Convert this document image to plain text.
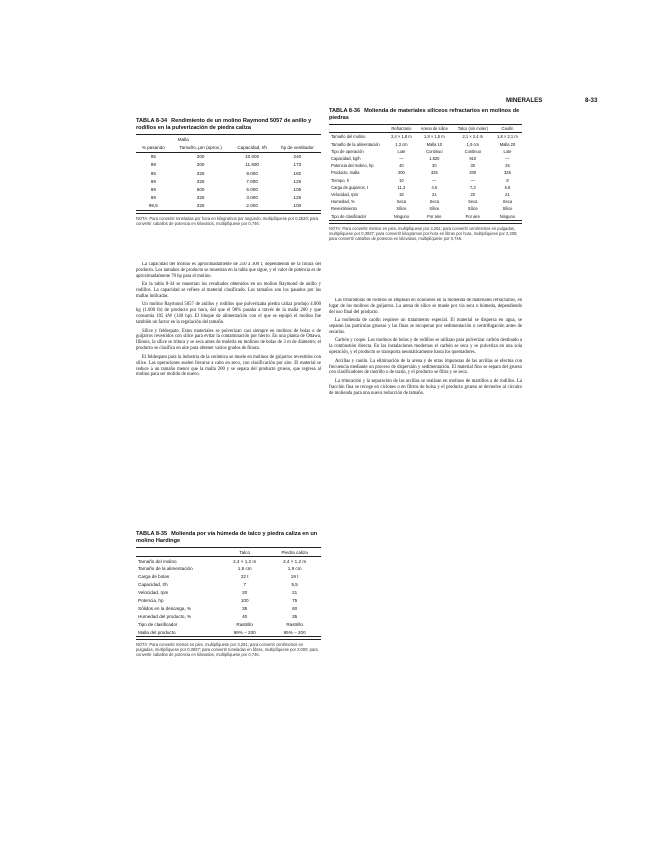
MINERALES	8-33
TABLA 8-34 Rendimiento de un molino Raymond 5057 de anillo y rodillos en la pulverización de piedra caliza
Malla			
% pasando	Tamaño, µm (aprox.)	Capacidad, t/h	hp de ventilador
95	200	10.000	240
99	200	11.500	173
95	325	9.000	182
99	325	7.000	125
99	500	5.000	105
99	325	3.000	125
99,5	325	2.000	100
NOTA: Para convertir toneladas por hora en kilogramos por segundo, multiplíquese por 0,2520; para convertir caballos de potencia en kilovatios, multiplíquese por 0,746.

La capacidad del molino es aproximadamente de 250 a 300 t, dependiendo de la finura del producto. Los tamaños de producto se muestran en la tabla que sigue, y el valor de potencia es de aproximadamente 70 hp para el molino.

En la tabla 8-34 se muestran los resultados obtenidos en un molino Raymond de anillo y rodillos. La capacidad se refiere al material clasificado. Los tamaños son los pasados por las mallas indicadas.

Un molino Raymond 5057 de anillos y rodillos que pulverizaba piedra caliza produjo 4.000 kg (1.000 lb) de producto por hora, del que el 98% pasaba a través de la malla 200 y que consumía 105 kW (140 hp). El bloque de alimentación con el que se equipó el molino fue también un factor en la regulación del tamaño.

Sílice y feldespato. Estos materiales se pulverizan casi siempre en molinos de bolas o de guijarros revestidos con sílice para evitar la contaminación por hierro. En una planta de Ottawa, Illinois, la sílice se tritura y se seca antes de molerla en molinos de bolas de 3 m de diámetro; el producto se clasifica en aire para obtener varios grados de finura.

El feldespato para la industria de la cerámica se muele en molinos de guijarros revestidos con sílice. Las operaciones suelen llevarse a cabo en seco, con clasificación por aire. El material se reduce a un tamaño menor que la malla 200 y se separa del producto grueso, que regresa al molino para ser molido de nuevo.

TABLA 8-35 Molienda por vía húmeda de talco y piedra caliza en un molino Hardinge
	Talco	Piedra caliza
Tamaño del molino	2,4 × 1,2 m	2,4 × 1,2 m
Tamaño de la alimentación	1,9 cm	1,9 cm
Carga de bolas	22 t	19 t
Capacidad, t/h	7	5,5
Velocidad, rpm	20	21
Potencia, hp	100	75
Sólidos en la descarga, %	35	60
Humedad del producto, %	40	35
Tipo de clasificador	Rastrillo	Rastrillo
Malla del producto	99% − 200	95% − 200
NOTA: Para convertir metros en pies, multiplíquese por 3,281; para convertir centímetros en pulgadas, multiplíquese por 0,3937; para convertir toneladas en libras, multiplíquese por 2.000; para convertir caballos de potencia en kilovatios, multiplíquese por 0,746.
TABLA 8-36 Molienda de materiales silíceos refractarios en molinos de piedras
	Refractario	Arena de sílice	Talco (sin moler)	Caolín
Tamaño del molino	2,4 × 1,8 m	1,8 × 1,5 m	2,1 × 2,4 m	1,8 × 2,1 m
Tamaño de la alimentación	1,3 cm	Malla 10	1,9 cm	Malla 20
Tipo de operación	Lote	Continuo	Continuo	Lote
Capacidad, kg/h	—	1.820	910	—
Potencia del molino, hp	40	30	30	25
Producto, malla	200	325	200	325
Tiempo, h	10	—	—	8
Carga de guijarros, t	11,3	4,5	7,3	6,8
Velocidad, rpm	18	21	20	21
Humedad, %	Seca	Seca	Seca	Seca
Revestimiento	Sílice	Sílice	Sílice	Sílice
Tipo de clasificador	Ninguno	Por aire	Por aire	Ninguno
NOTA: Para convertir metros en pies, multiplíquese por 3,281; para convertir centímetros en pulgadas, multiplíquese por 0,3937; para convertir kilogramos por hora en libras por hora, multiplíquese por 2,205; para convertir caballos de potencia en kilovatios, multiplíquese por 0,746.

Las trituradoras de rodillos se emplean en ocasiones en la molienda de materiales refractarios, en lugar de los molinos de guijarros. La arena de sílice se muele por vía seca o húmeda, dependiendo del uso final del producto.

La molienda de caolín requiere un tratamiento especial. El material se dispersa en agua, se separan las partículas gruesas y las finas se recuperan por sedimentación o centrifugación antes de secarlas.

Carbón y coque. Los molinos de bolas y de rodillos se utilizan para pulverizar carbón destinado a la combustión directa. En las instalaciones modernas el carbón se seca y se pulveriza en una sola operación, y el producto se transporta neumáticamente hasta los quemadores.

Arcillas y caolín. La eliminación de la arena y de otras impurezas de las arcillas se efectúa con frecuencia mediante un proceso de dispersión y sedimentación. El material fino se separa del grueso con clasificadores de rastrillo o de tazón, y el producto se filtra y se seca.

La trituración y la separación de las arcillas se realizan en molinos de martillos o de rodillos. La fracción fina se recoge en ciclones o en filtros de bolsa y el producto grueso se devuelve al circuito de molienda para una nueva reducción de tamaño.
